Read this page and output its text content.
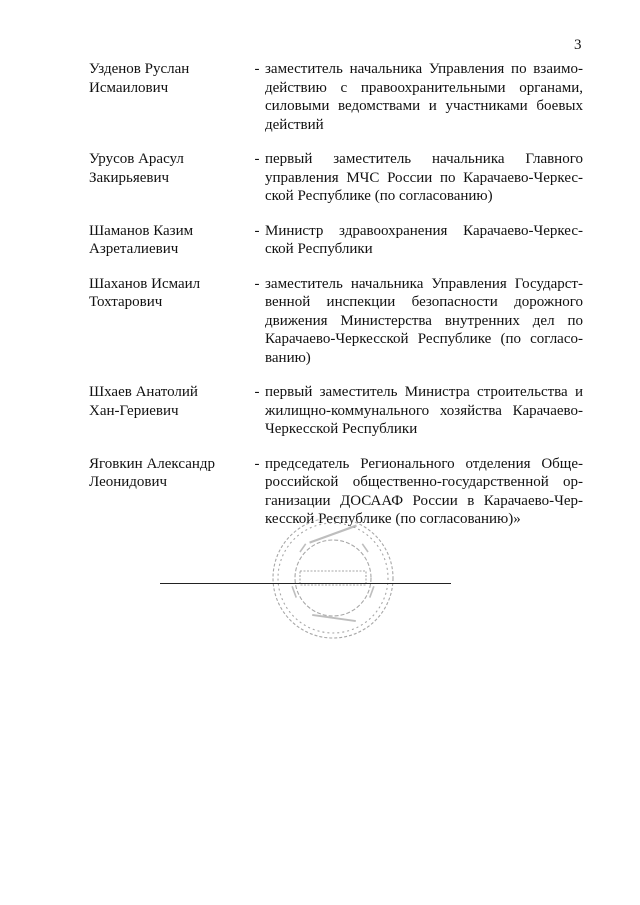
3
Узденов Руслан
Исмаилович
- заместитель начальника Управления по взаимо-
действию с правоохранительными органами,
силовыми ведомствами и участниками боевых
действий
Урусов Арасул
Закирьяевич
- первый заместитель начальника Главного
управления МЧС России по Карачаево-Черкес-
ской Республике (по согласованию)
Шаманов Казим
Азреталиевич
- Министр здравоохранения Карачаево-Черкес-
ской Республики
Шаханов Исмаил
Тохтарович
- заместитель начальника Управления Государст-
венной инспекции безопасности дорожного
движения Министерства внутренних дел по
Карачаево-Черкесской Республике (по согласо-
ванию)
Шхаев Анатолий
Хан-Гериевич
- первый заместитель Министра строительства и
жилищно-коммунального хозяйства Карачаево-
Черкесской Республики
Яговкин Александр
Леонидович
- председатель Регионального отделения Обще-
российской общественно-государственной ор-
ганизации ДОСААФ России в Карачаево-Чер-
кесской Республике (по согласованию)»
